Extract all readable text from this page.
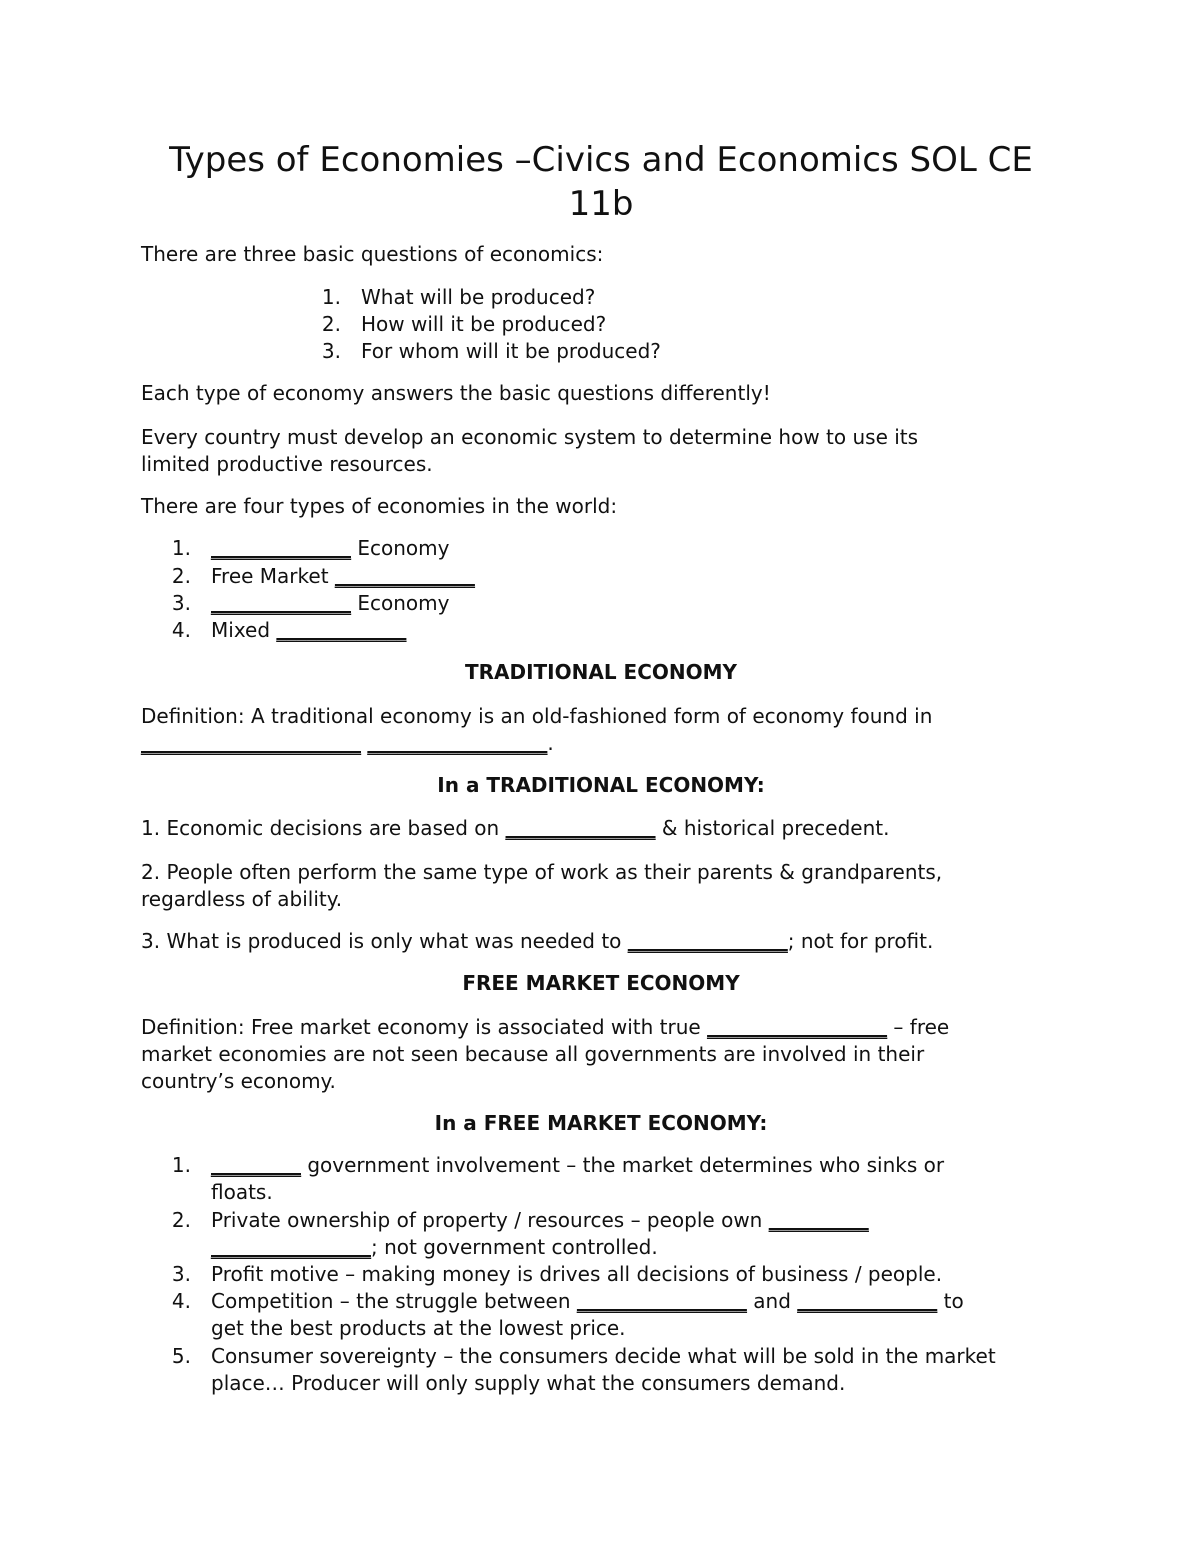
Types of Economies –Civics and Economics SOL CE
11b

There are three basic questions of economics:

1. What will be produced?

2. How will it be produced?

3. For whom will it be produced?

Each type of economy answers the basic questions differently!

Every country must develop an economic system to determine how to use its
limited productive resources.

There are four types of economies in the world:

1. ______________ Economy

2. Free Market ______________

3. ______________ Economy

4. Mixed _____________

TRADITIONAL ECONOMY

Definition: A traditional economy is an old-fashioned form of economy found in
______________________ __________________.

In a TRADITIONAL ECONOMY:

1. Economic decisions are based on _______________ & historical precedent.

2. People often perform the same type of work as their parents & grandparents,
regardless of ability.

3. What is produced is only what was needed to ________________; not for profit.

FREE MARKET ECONOMY

Definition: Free market economy is associated with true __________________ – free
market economies are not seen because all governments are involved in their
country’s economy.

In a FREE MARKET ECONOMY:

1. _________ government involvement – the market determines who sinks or
floats.

2. Private ownership of property / resources – people own __________
________________; not government controlled.

3. Profit motive – making money is drives all decisions of business / people.

4. Competition – the struggle between _________________ and ______________ to
get the best products at the lowest price.

5. Consumer sovereignty – the consumers decide what will be sold in the market
place… Producer will only supply what the consumers demand.
